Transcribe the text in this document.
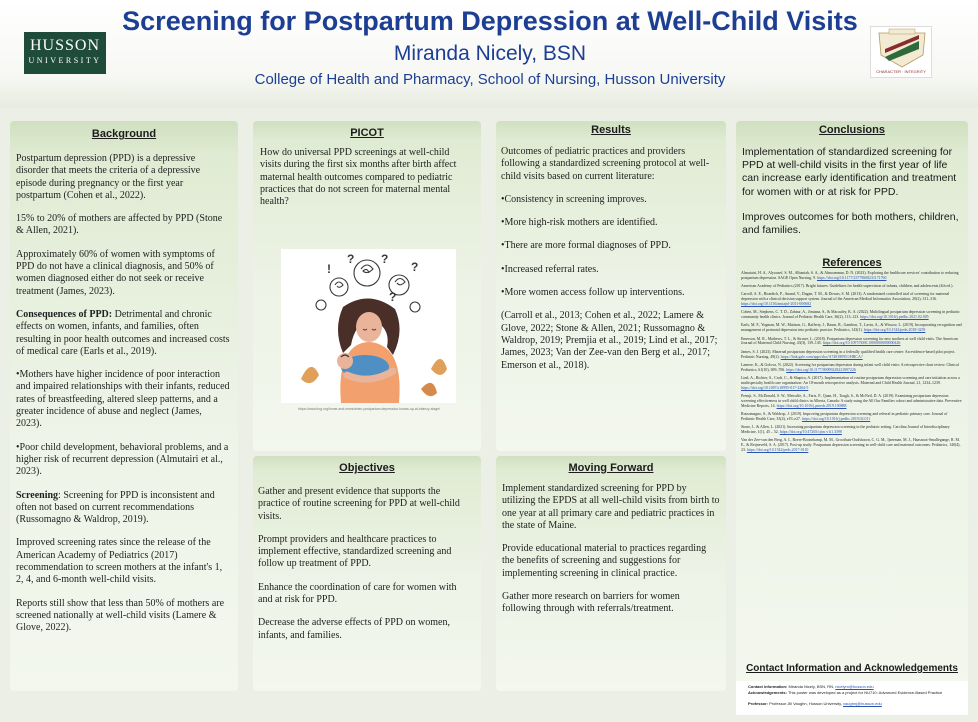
HUSSON
UNIVERSITY
Screening for Postpartum Depression at Well-Child Visits
Miranda Nicely, BSN
College of Health and Pharmacy, School of Nursing, Husson University	CHARACTER · INTEGRITY
Background

Postpartum depression (PPD) is a depressive disorder that meets the criteria of a depressive episode during pregnancy or the first year postpartum (Cohen et al., 2022).

15% to 20% of mothers are affected by PPD (Stone & Allen, 2021).

Approximately 60% of women with symptoms of PPD do not have a clinical diagnosis, and 50% of women diagnosed either do not seek or receive treatment (James, 2023).

Consequences of PPD: Detrimental and chronic effects on women, infants, and families, often resulting in poor health outcomes and increased costs of medical care (Earls et al., 2019).

•Mothers have higher incidence of poor interaction and impaired relationships with their infants, reduced rates of breastfeeding, altered sleep patterns, and a greater incidence of abuse and neglect (James, 2023).

•Poor child development, behavioral problems, and a higher risk of recurrent depression (Almutairi et al., 2023).

Screening: Screening for PPD is inconsistent and often not based on current recommendations (Russomagno & Waldrop, 2019).

Improved screening rates since the release of the American Academy of Pediatrics (2017) recommendation to screen mothers at the infant's 1, 2, 4, and 6-month well-child visits.

Reports still show that less than 50% of mothers are screened nationally at well-child visits (Lamere & Glove, 2022).

PICOT
How do universal PPD screenings at well-child visits during the first six months after birth affect maternal health outcomes compared to pediatric practices that do not screen for maternal mental health?
? ?
?
!
?
https://www.frog.org/home-and-news/when-postpartum-depression-knows-up-at-infancy-stage/
Objectives

Gather and present evidence that supports the practice of routine screening for PPD at well-child visits.

Prompt providers and healthcare practices to implement effective, standardized screening and follow up treatment of PPD.

Enhance the coordination of care for women with and at risk for PPD.

Decrease the adverse effects of PPD on women, infants, and families.

Results

Outcomes of pediatric practices and providers following a standardized screening protocol at well-child visits based on current literature:

•Consistency in screening improves.

•More high-risk mothers are identified.

•There are more formal diagnoses of PPD.

•Increased referral rates.

•More women access follow up interventions.

(Carroll et al., 2013; Cohen et al., 2022; Lamere & Glove, 2022; Stone & Allen, 2021; Russomagno & Waldrop, 2019; Premjia et al., 2019; Lind et al., 2017; James, 2023; Van der Zee-van den Berg et al., 2017; Emerson et al., 2018).

Moving Forward

Implement standardized screening for PPD by utilizing the EPDS at all well-child visits from birth to one year at all primary care and pediatric practices in the state of Maine.

Provide educational material to practices regarding the benefits of screening and suggestions for implementing screening in clinical practice.

Gather more research on barriers for women following through with referrals/treatment.

Conclusions

Implementation of standardized screening for PPD at well-child visits in the first year of life can increase early identification and treatment for women with or at risk for PPD.

Improves outcomes for both mothers, children, and families.

References
Almutairi, H. A., Alyousef, S. M., Albaniah, S. A., & Almoammar, D. N. (2023). Exploring the healthcare services' contribution to reducing postpartum depression. SAGE Open Nursing, 9. https://doi.org/10.1177/23779608231171760
American Academy of Pediatrics (2017). Bright futures: Guidelines for health supervision of infants, children, and adolescents (4th ed.).
Carroll, A. E., Biondich, P., Anand, V., Dugan, T. M., & Downs, S. M. (2013). A randomized controlled trial of screening for maternal depression with a clinical decision support system. Journal of the American Medical Informatics Association, 20(2), 311–316. https://doi.org/10.1136/amiajnl-2011-000682
Cohen, M., Stephens, C. T. D., Zahaur, A., Jimiana, S., & Macauley, K. A. (2022). Multilingual postpartum depression screening in pediatric community health clinics. Journal of Pediatric Health Care, 36(2), 113–123. https://doi.org/10.1016/j.pedhc.2021.02.005
Earls, M. F., Yogman, M. W., Mattson, G., Rafferty, J., Baum, R., Gambon, T., Lavin, A., & Wissow, L. (2019). Incorporating recognition and management of perinatal depression into pediatric practice. Pediatrics, 143(1). https://doi.org/10.1542/peds.2018-3259
Emerson, M. R., Mathews, T. L., & Struwe, L. (2018). Postpartum depression screening for new mothers at well child visits. The American Journal of Maternal Child Nursing, 43(3), 139–145. https://doi.org/10.1097/NMC.0000000000000426
James, S. J. (2023). Maternal postpartum depression screening in a federally qualified health care center: An evidence-based pilot project. Pediatric Nursing, 49(2). https://link.gale.com/apps/doc/A748180951/HRCA?
Lamere, K., & Golova, N. (2022). Screening for postpartum depression during infant well child visits: A retrospective chart review. Clinical Pediatrics, 61(10), 699–706. https://doi.org/10.1177/00099228221097226
Lind, A., Richter, S., Craft, C., & Shapiro, A. (2017). Implementation of routine postpartum depression screening and care initiation across a multispecialty health care organization: An 18-month retrospective analysis. Maternal and Child Health Journal, 21, 1234–1239. https://doi.org/10.1007/s10995-017-2264-5
Premji, S., McDonald, S. W., Metcalfe, A., Faris, P., Quan, H., Tough, S., & McNeil, D. A. (2019). Examining postpartum depression screening effectiveness in well child clinics in Alberta, Canada: A study using the All Our Families cohort and administrative data. Preventive Medicine Reports, 14. https://doi.org/10.1016/j.pmedr.2019.100888
Russomagno, S., & Waldrop, J. (2019). Improving postpartum depression screening and referral in pediatric primary care. Journal of Pediatric Health Care, 33(4), e19–e27. https://doi.org/10.1016/j.pedhc.2019.02.011
Stone, J., & Allen, L. (2021). Increasing postpartum depression screening in the pediatric setting. Carolina Journal of Interdisciplinary Medicine, 1(1), 45 – 52. https://doi.org/10.47265/cjim.v1i1.3398
Van der Zee-van den Berg, A. I., Boere-Boonekamp, M. M., Groothuis-Oudshoorn, C. G. M., Ijzerman, M. J., Haasnoot-Smallegange, R. M. E., & Reijneveld, S. A. (2017). Post-up study: Postpartum depression screening in well-child care and maternal outcomes. Pediatrics, 140(4), 23. https://doi.org/10.1542/peds.2017-0110
Contact Information and Acknowledgements
Contact information: Miranda Nicely, BSN, RN, nicelym@husson.edu
Acknowledgements: This poster was developed as a project for NU710: Advanced Evidence-Based Practice
Professor: Professor Jill Vaughn, Husson University, vaughnj@husson.edu
